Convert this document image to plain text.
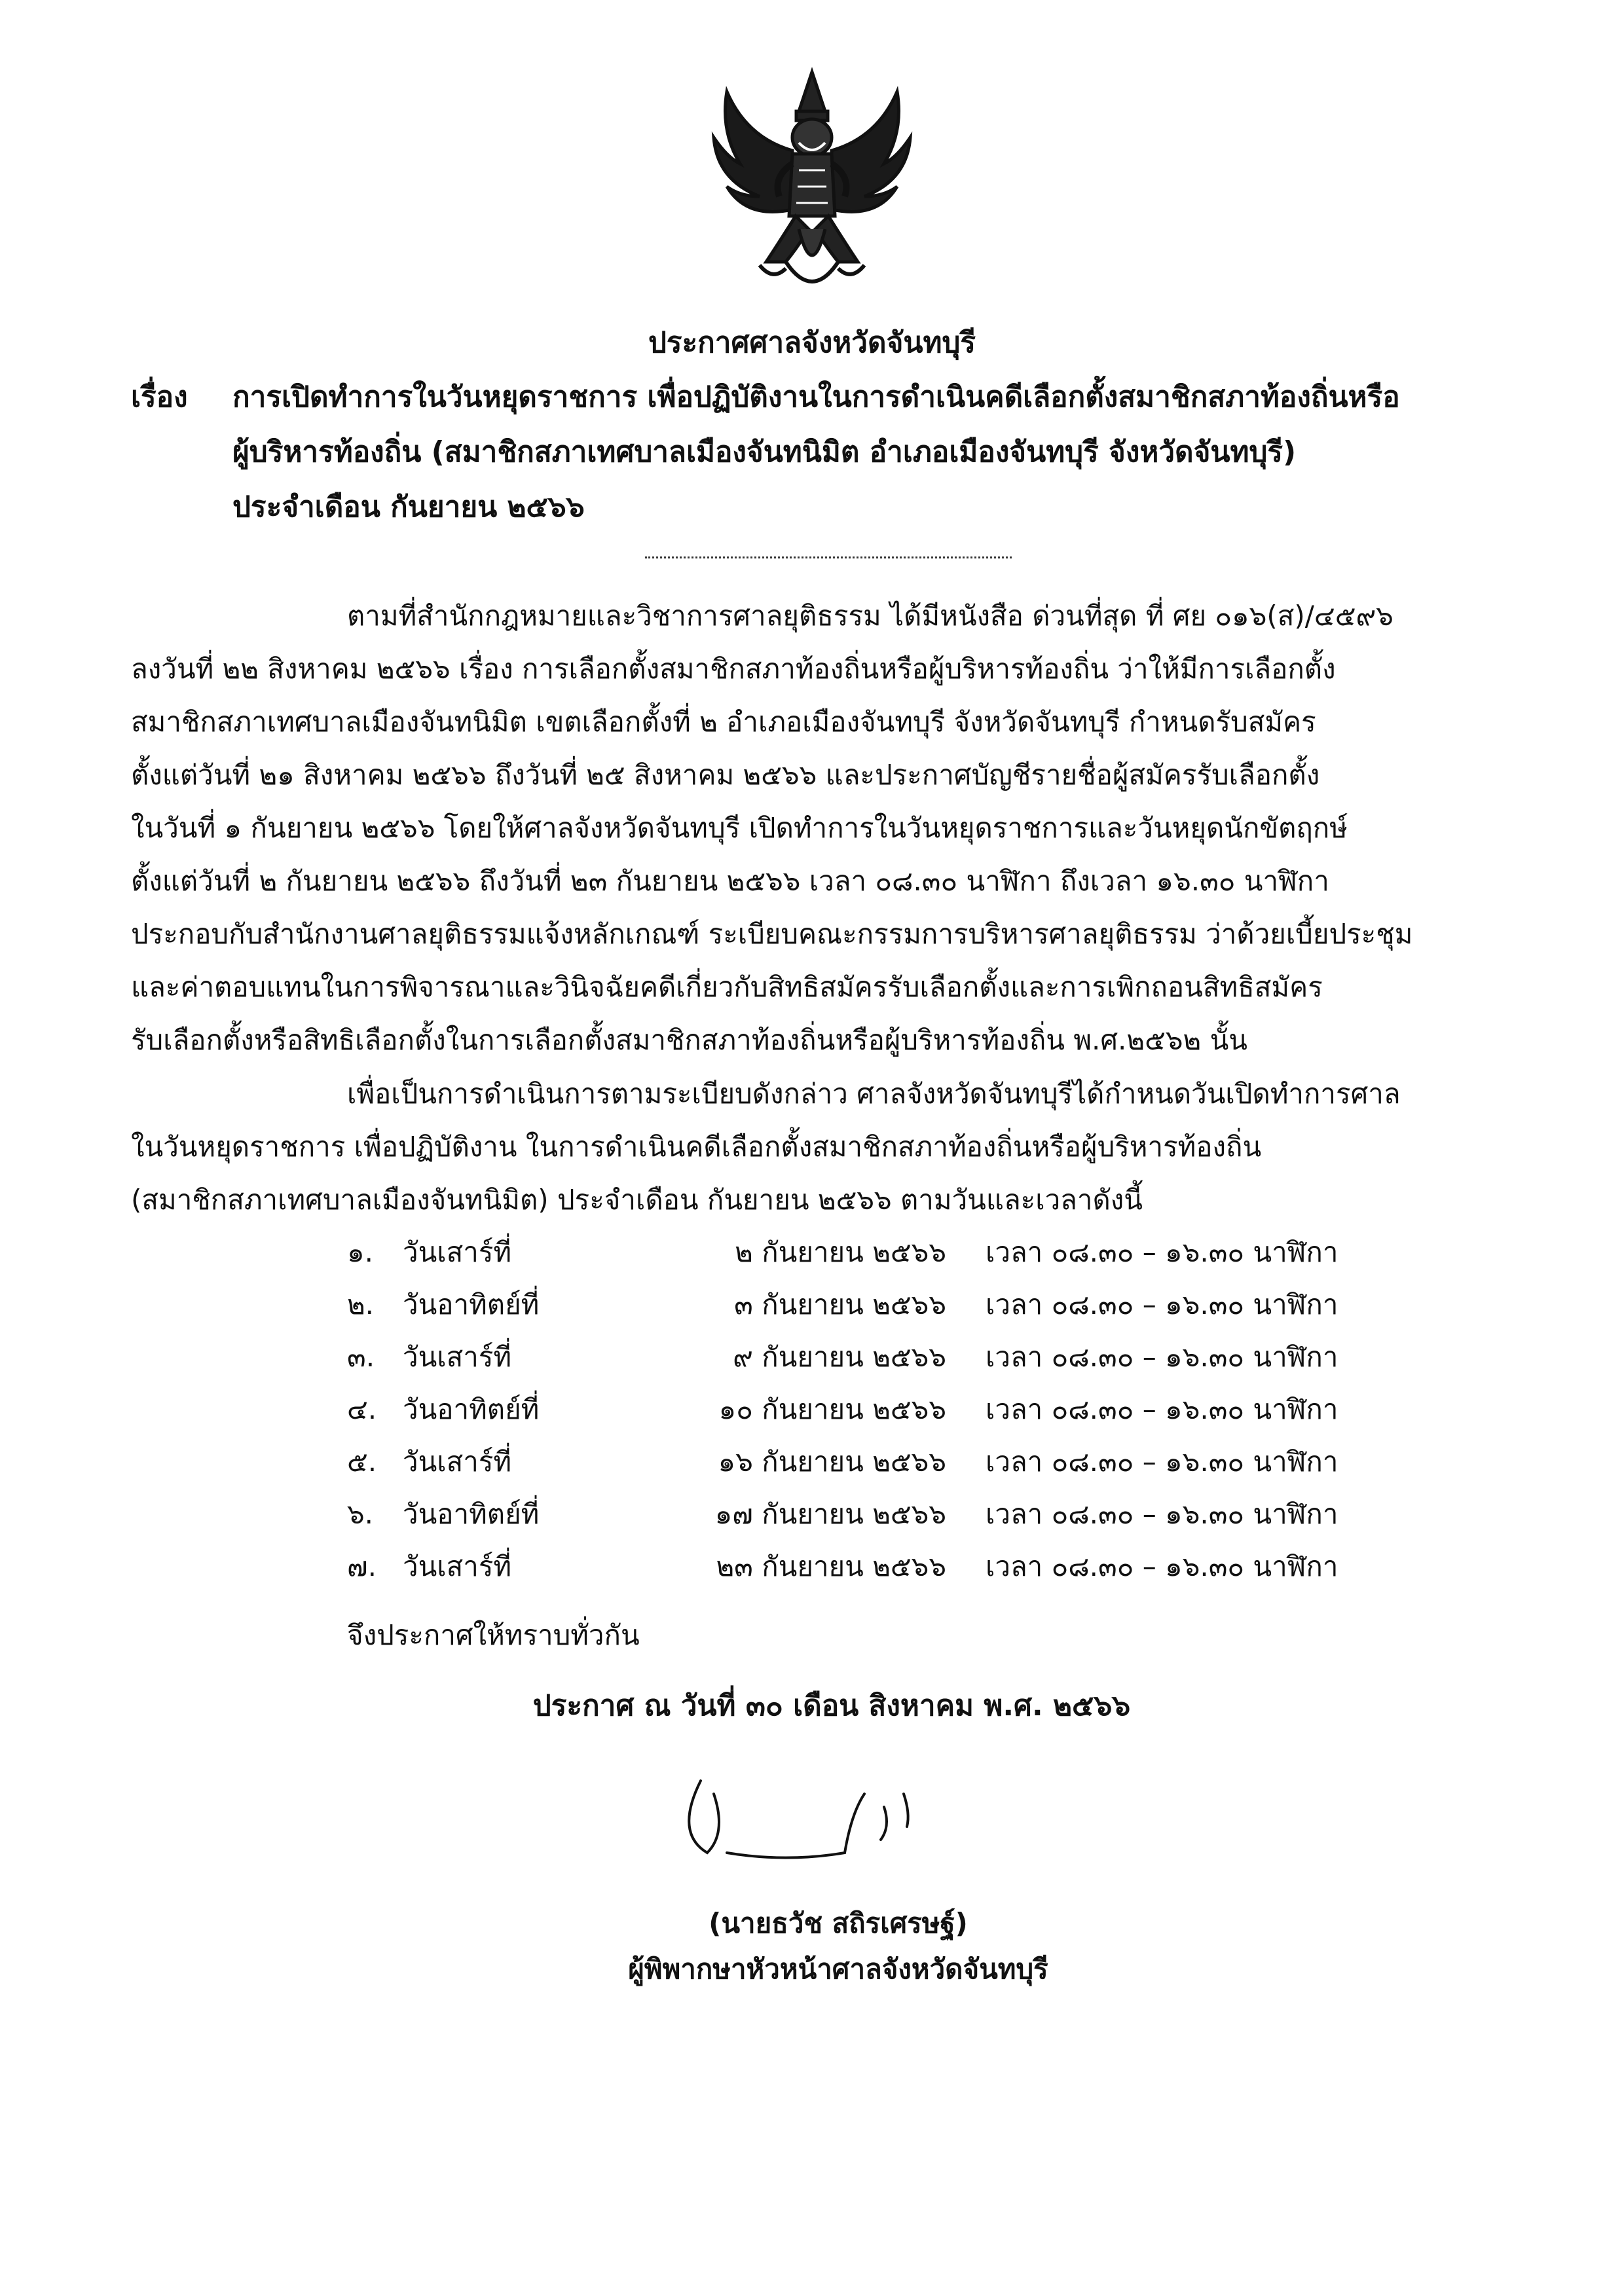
ประกาศศาลจังหวัดจันทบุรี
เรื่อง การเปิดทำการในวันหยุดราชการ เพื่อปฏิบัติงานในการดำเนินคดีเลือกตั้งสมาชิกสภาท้องถิ่นหรือ
ผู้บริหารท้องถิ่น (สมาชิกสภาเทศบาลเมืองจันทนิมิต อำเภอเมืองจันทบุรี จังหวัดจันทบุรี)
ประจำเดือน กันยายน ๒๕๖๖
ตามที่สำนักกฎหมายและวิชาการศาลยุติธรรม ได้มีหนังสือ ด่วนที่สุด ที่ ศย ๐๑๖(ส)/๔๕๙๖
ลงวันที่ ๒๒ สิงหาคม ๒๕๖๖ เรื่อง การเลือกตั้งสมาชิกสภาท้องถิ่นหรือผู้บริหารท้องถิ่น ว่าให้มีการเลือกตั้ง
สมาชิกสภาเทศบาลเมืองจันทนิมิต เขตเลือกตั้งที่ ๒ อำเภอเมืองจันทบุรี จังหวัดจันทบุรี กำหนดรับสมัคร
ตั้งแต่วันที่ ๒๑ สิงหาคม ๒๕๖๖ ถึงวันที่ ๒๕ สิงหาคม ๒๕๖๖ และประกาศบัญชีรายชื่อผู้สมัครรับเลือกตั้ง
ในวันที่ ๑ กันยายน ๒๕๖๖ โดยให้ศาลจังหวัดจันทบุรี เปิดทำการในวันหยุดราชการและวันหยุดนักขัตฤกษ์
ตั้งแต่วันที่ ๒ กันยายน ๒๕๖๖ ถึงวันที่ ๒๓ กันยายน ๒๕๖๖ เวลา ๐๘.๓๐ นาฬิกา ถึงเวลา ๑๖.๓๐ นาฬิกา
ประกอบกับสำนักงานศาลยุติธรรมแจ้งหลักเกณฑ์ ระเบียบคณะกรรมการบริหารศาลยุติธรรม ว่าด้วยเบี้ยประชุม
และค่าตอบแทนในการพิจารณาและวินิจฉัยคดีเกี่ยวกับสิทธิสมัครรับเลือกตั้งและการเพิกถอนสิทธิสมัคร
รับเลือกตั้งหรือสิทธิเลือกตั้งในการเลือกตั้งสมาชิกสภาท้องถิ่นหรือผู้บริหารท้องถิ่น พ.ศ.๒๕๖๒ นั้น
เพื่อเป็นการดำเนินการตามระเบียบดังกล่าว ศาลจังหวัดจันทบุรีได้กำหนดวันเปิดทำการศาล
ในวันหยุดราชการ เพื่อปฏิบัติงาน ในการดำเนินคดีเลือกตั้งสมาชิกสภาท้องถิ่นหรือผู้บริหารท้องถิ่น
(สมาชิกสภาเทศบาลเมืองจันทนิมิต) ประจำเดือน กันยายน ๒๕๖๖ ตามวันและเวลาดังนี้
๑. วันเสาร์ที่	๒ กันยายน ๒๕๖๖ เวลา ๐๘.๓๐ – ๑๖.๓๐ นาฬิกา
๒. วันอาทิตย์ที่	๓ กันยายน ๒๕๖๖ เวลา ๐๘.๓๐ – ๑๖.๓๐ นาฬิกา
๓. วันเสาร์ที่	๙ กันยายน ๒๕๖๖ เวลา ๐๘.๓๐ – ๑๖.๓๐ นาฬิกา
๔. วันอาทิตย์ที่	๑๐ กันยายน ๒๕๖๖ เวลา ๐๘.๓๐ – ๑๖.๓๐ นาฬิกา
๕. วันเสาร์ที่	๑๖ กันยายน ๒๕๖๖ เวลา ๐๘.๓๐ – ๑๖.๓๐ นาฬิกา
๖. วันอาทิตย์ที่	๑๗ กันยายน ๒๕๖๖ เวลา ๐๘.๓๐ – ๑๖.๓๐ นาฬิกา
๗. วันเสาร์ที่	๒๓ กันยายน ๒๕๖๖ เวลา ๐๘.๓๐ – ๑๖.๓๐ นาฬิกา
จึงประกาศให้ทราบทั่วกัน
ประกาศ ณ วันที่ ๓๐ เดือน สิงหาคม พ.ศ. ๒๕๖๖
(นายธวัช สถิรเศรษฐ์)
ผู้พิพากษาหัวหน้าศาลจังหวัดจันทบุรี
